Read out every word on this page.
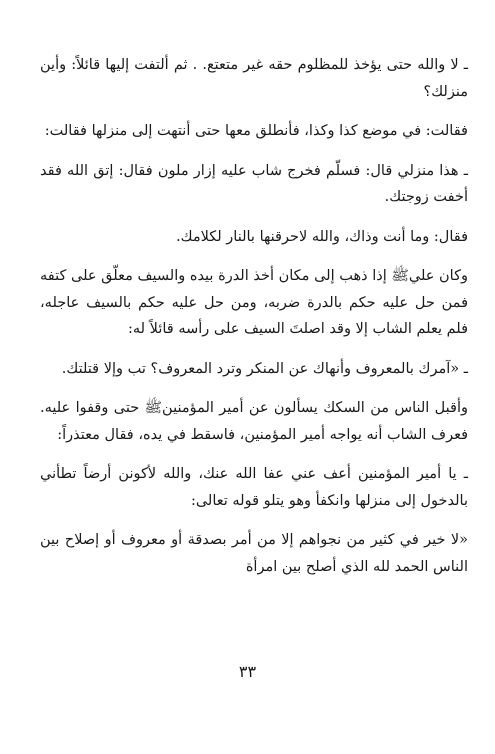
ـ لا والله حتى يؤخذ للمظلوم حقه غير متعتع. . ثم ألتفت إليها قائلاً: وأين منزلك؟

فقالت: في موضع كذا وكذا، فأنطلق معها حتى أنتهت إلى منزلها فقالت:

ـ هذا منزلي قال: فسلّم فخرج شاب عليه إزار ملون فقال: إتق الله فقد أخفت زوجتك.

فقال: وما أنت وذاك، والله لاحرقنها بالنار لكلامك.

وكان عليﷺ إذا ذهب إلى مكان أخذ الدرة بيده والسيف معلّق على كتفه فمن حل عليه حكم بالدرة ضربه، ومن حل عليه حكم بالسيف عاجله، فلم يعلم الشاب إلا وقد اصلتَ السيف على رأسه قائلاً له:

ـ «آمرك بالمعروف وأنهاك عن المنكر وترد المعروف؟ تب وإلا قتلتك.

وأقبل الناس من السكك يسألون عن أمير المؤمنينﷺ حتى وقفوا عليه. فعرف الشاب أنه يواجه أمير المؤمنين، فاسقط في يده، فقال معتذراً:

ـ يا أمير المؤمنين أعف عني عفا الله عنك، والله لأكونن أرضاً تطأني بالدخول إلى منزلها وانكفأ وهو يتلو قوله تعالى:

«لا خير في كثير من نجواهم إلا من أمر بصدقة أو معروف أو إصلاح بين الناس الحمد لله الذي أصلح بين امرأة

٣٣
